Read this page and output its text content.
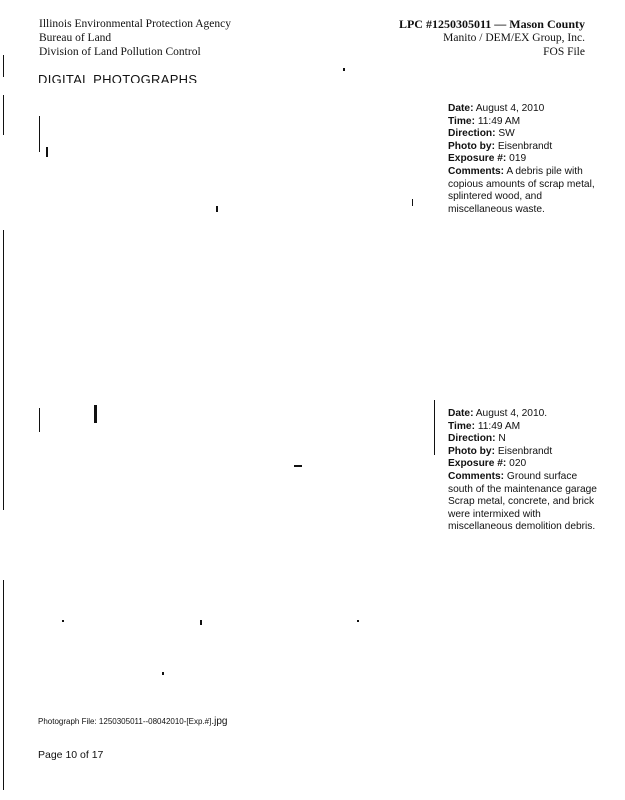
Illinois Environmental Protection Agency
Bureau of Land
Division of Land Pollution Control
LPC #1250305011 — Mason County
Manito / DEM/EX Group, Inc.
FOS File
DIGITAL PHOTOGRAPHS
Date: August 4, 2010
Time: 11:49 AM
Direction: SW
Photo by: Eisenbrandt
Exposure #: 019
Comments: A debris pile with copious amounts of scrap metal, splintered wood, and miscellaneous waste.
Date: August 4, 2010.
Time: 11:49 AM
Direction: N
Photo by: Eisenbrandt
Exposure #: 020
Comments: Ground surface south of the maintenance garage Scrap metal, concrete, and brick were intermixed with miscellaneous demolition debris.
Photograph File: 1250305011--08042010-[Exp.#].jpg
Page 10 of 17
